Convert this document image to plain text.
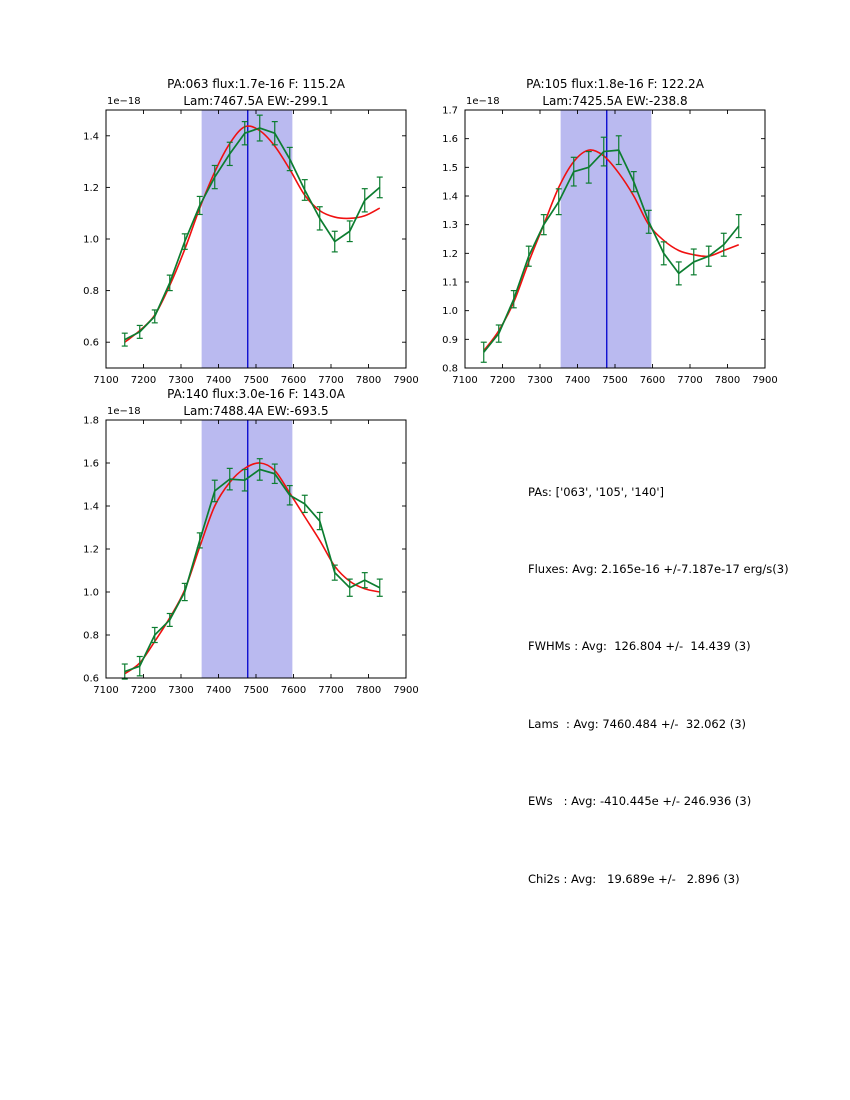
PA:063 flux:1.7e-16 F: 115.2A
Lam:7467.5A EW:-299.1
1e−18
7100 7200 7300 7400 7500 7600 7700 7800 7900
0.6
0.8
1.0
1.2
1.4
PA:105 flux:1.8e-16 F: 122.2A
Lam:7425.5A EW:-238.8
1e−18
7100 7200 7300 7400 7500 7600 7700 7800 7900
0.8
0.9
1.0
1.1
1.2
1.3
1.4
1.5
1.6
1.7
PA:140 flux:3.0e-16 F: 143.0A
Lam:7488.4A EW:-693.5
1e−18
7100 7200 7300 7400 7500 7600 7700 7800 7900
0.6
0.8
1.0
1.2
1.4
1.6
1.8

PAs: ['063', '105', '140']

Fluxes: Avg: 2.165e-16 +/-7.187e-17 erg/s(3)

FWHMs : Avg:  126.804 +/-  14.439 (3)

Lams  : Avg: 7460.484 +/-  32.062 (3)

EWs   : Avg: -410.445e +/- 246.936 (3)

Chi2s : Avg:   19.689e +/-   2.896 (3)
